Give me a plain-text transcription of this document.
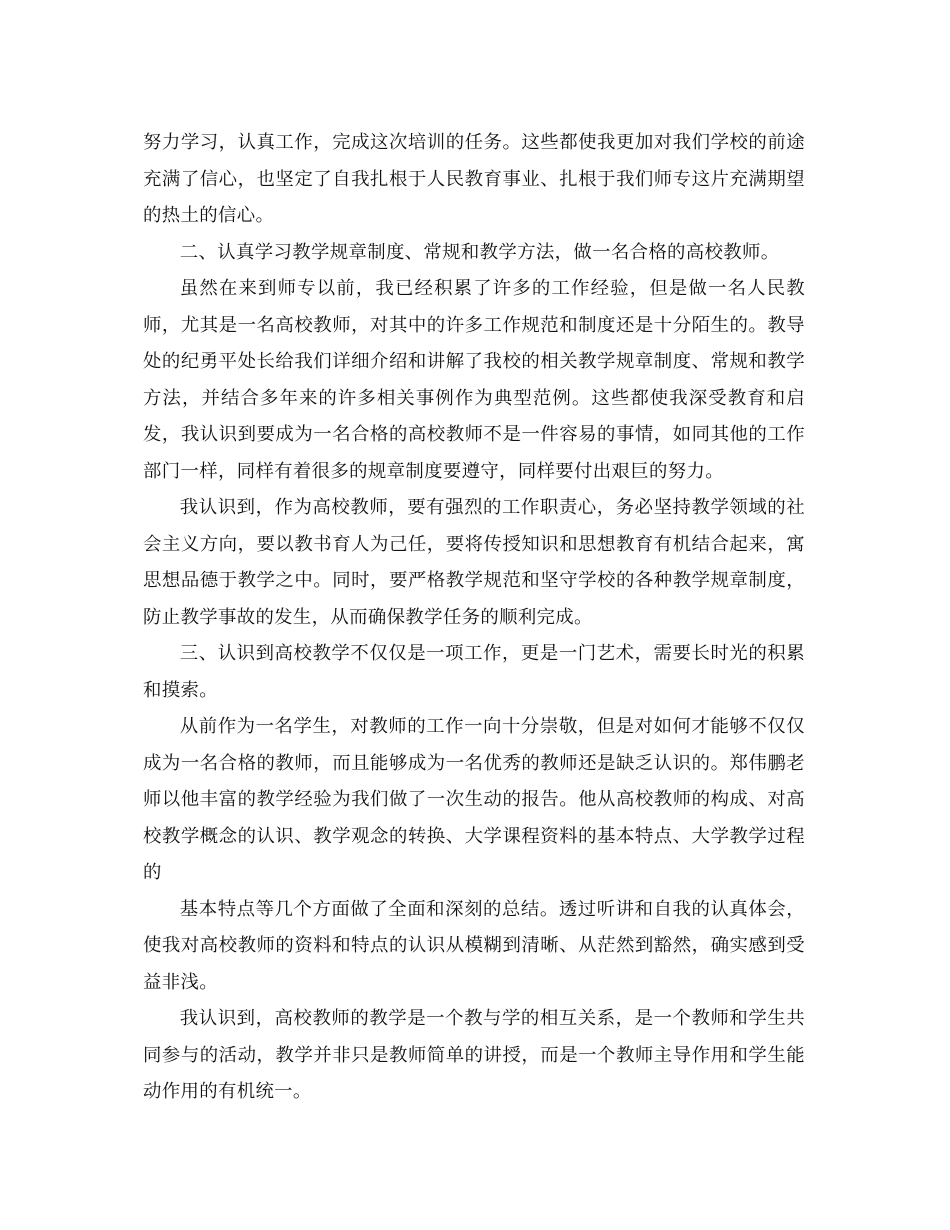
努力学习，认真工作，完成这次培训的任务。这些都使我更加对我们学校的前途充满了信心，也坚定了自我扎根于人民教育事业、扎根于我们师专这片充满期望的热土的信心。

二、认真学习教学规章制度、常规和教学方法，做一名合格的高校教师。

虽然在来到师专以前，我已经积累了许多的工作经验，但是做一名人民教师，尤其是一名高校教师，对其中的许多工作规范和制度还是十分陌生的。教导处的纪勇平处长给我们详细介绍和讲解了我校的相关教学规章制度、常规和教学方法，并结合多年来的许多相关事例作为典型范例。这些都使我深受教育和启发，我认识到要成为一名合格的高校教师不是一件容易的事情，如同其他的工作部门一样，同样有着很多的规章制度要遵守，同样要付出艰巨的努力。

我认识到，作为高校教师，要有强烈的工作职责心，务必坚持教学领域的社会主义方向，要以教书育人为己任，要将传授知识和思想教育有机结合起来，寓思想品德于教学之中。同时，要严格教学规范和坚守学校的各种教学规章制度，防止教学事故的发生，从而确保教学任务的顺利完成。

三、认识到高校教学不仅仅是一项工作，更是一门艺术，需要长时光的积累和摸索。

从前作为一名学生，对教师的工作一向十分崇敬，但是对如何才能够不仅仅成为一名合格的教师，而且能够成为一名优秀的教师还是缺乏认识的。郑伟鹏老师以他丰富的教学经验为我们做了一次生动的报告。他从高校教师的构成、对高校教学概念的认识、教学观念的转换、大学课程资料的基本特点、大学教学过程的

基本特点等几个方面做了全面和深刻的总结。透过听讲和自我的认真体会，使我对高校教师的资料和特点的认识从模糊到清晰、从茫然到豁然，确实感到受益非浅。

我认识到，高校教师的教学是一个教与学的相互关系，是一个教师和学生共同参与的活动，教学并非只是教师简单的讲授，而是一个教师主导作用和学生能动作用的有机统一。
